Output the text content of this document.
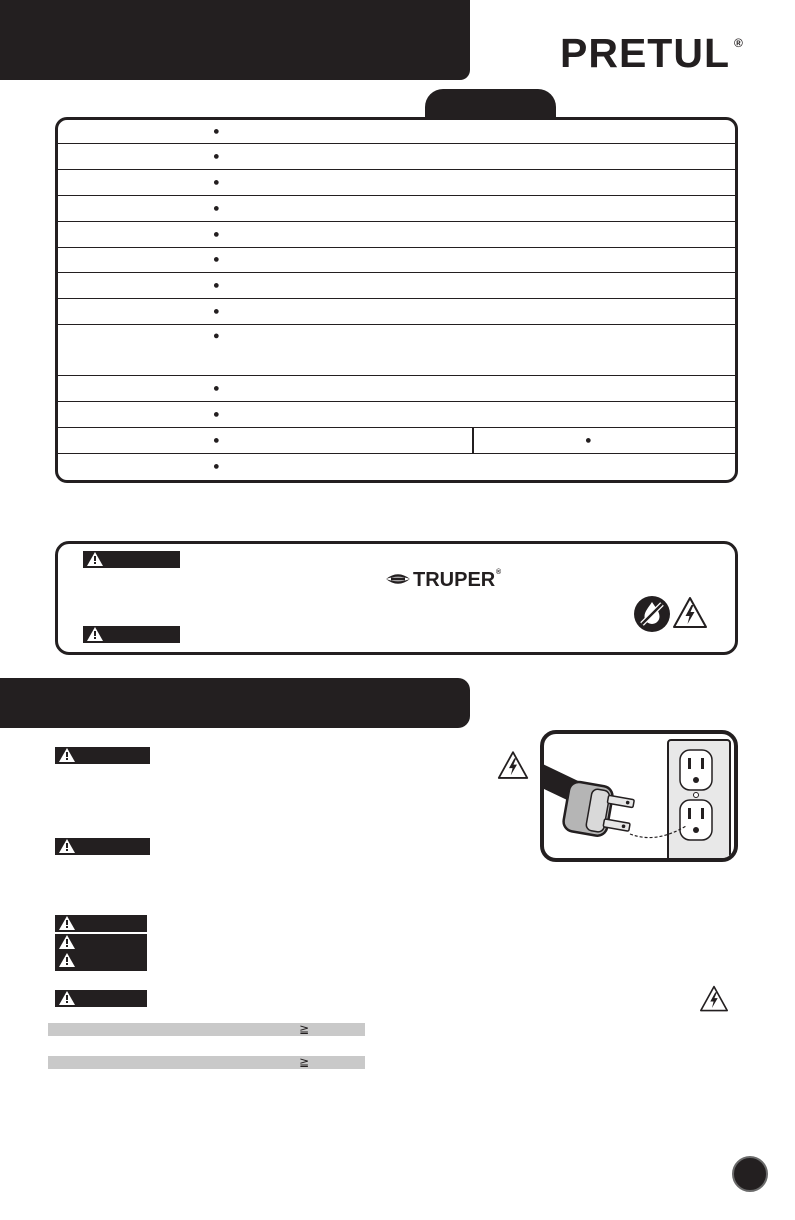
PRETUL ®
●
●
●
●
●
●
●
●
●
●
●
●	●
●
TRUPER ®
≧
≧
